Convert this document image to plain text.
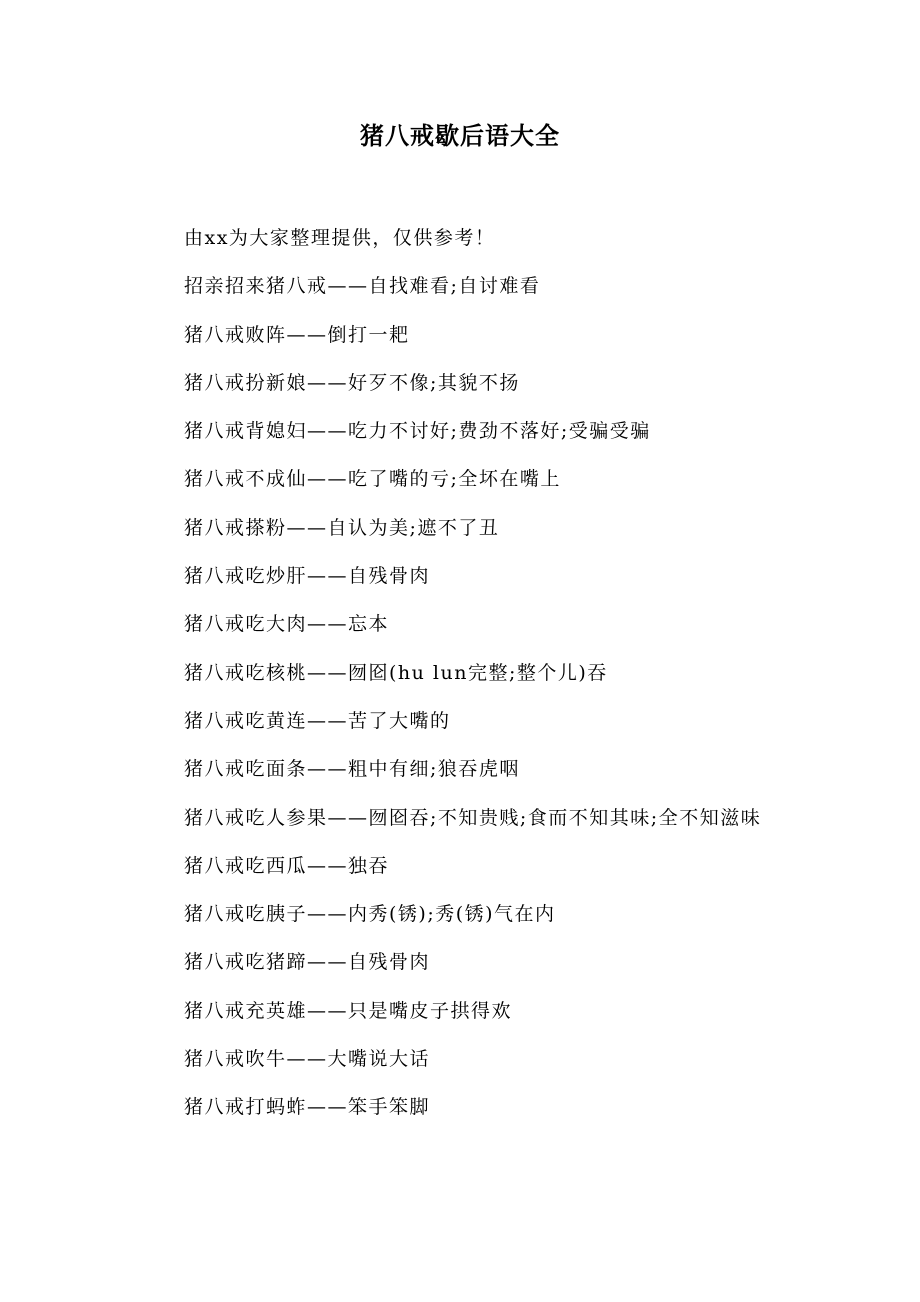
猪八戒歇后语大全

由xx为大家整理提供，仅供参考！

招亲招来猪八戒——自找难看;自讨难看

猪八戒败阵——倒打一耙

猪八戒扮新娘——好歹不像;其貌不扬

猪八戒背媳妇——吃力不讨好;费劲不落好;受骗受骗

猪八戒不成仙——吃了嘴的亏;全坏在嘴上

猪八戒搽粉——自认为美;遮不了丑

猪八戒吃炒肝——自残骨肉

猪八戒吃大肉——忘本

猪八戒吃核桃——囫囵(hu lun完整;整个儿)吞

猪八戒吃黄连——苦了大嘴的

猪八戒吃面条——粗中有细;狼吞虎咽

猪八戒吃人参果——囫囵吞;不知贵贱;食而不知其味;全不知滋味

猪八戒吃西瓜——独吞

猪八戒吃胰子——内秀(锈);秀(锈)气在内

猪八戒吃猪蹄——自残骨肉

猪八戒充英雄——只是嘴皮子拱得欢

猪八戒吹牛——大嘴说大话

猪八戒打蚂蚱——笨手笨脚
